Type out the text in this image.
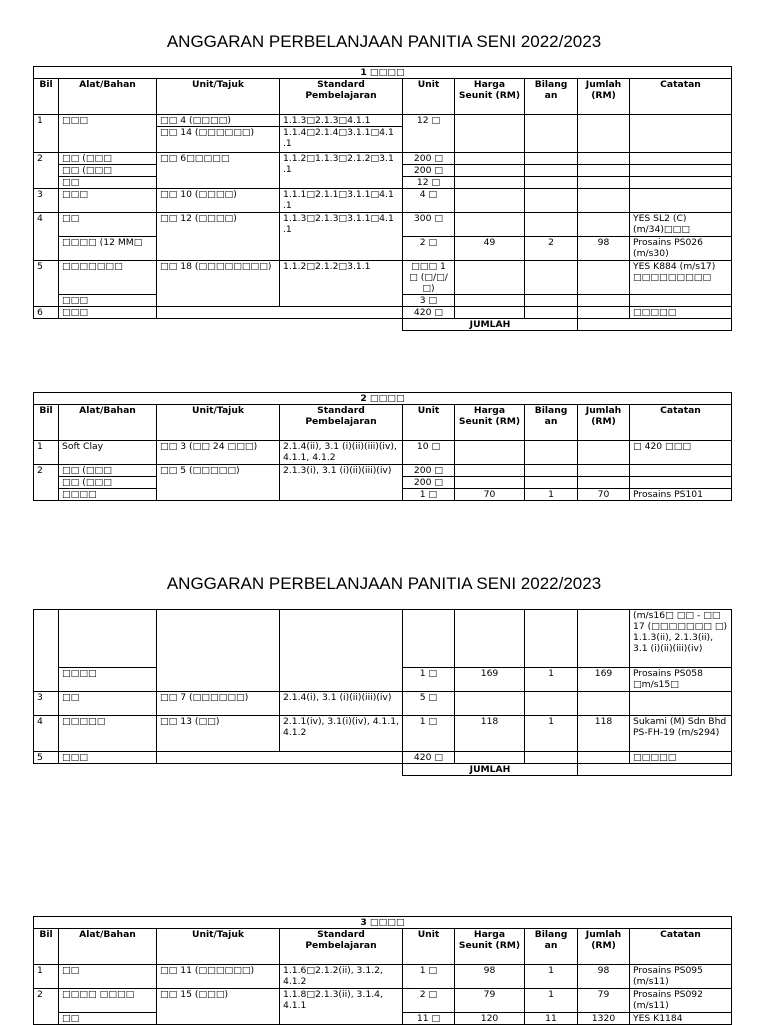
ANGGARAN PERBELANJAAN PANITIA SENI 2022/2023
1 □□□□								
Bil	Alat/Bahan	Unit/Tajuk	Standard Pembelajaran	Unit	Harga Seunit (RM)	Bilang an	Jumlah (RM)	Catatan
1	□□□	□□ 4 (□□□□)	1.1.3□2.1.3□4.1.1	12 □				
		□□ 14 (□□□□□□)	1.1.4□2.1.4□3.1.1□4.1 .1					
2	□□ (□□□	□□ 6□□□□□	1.1.2□1.1.3□2.1.2□3.1 .1	200 □				
	□□ (□□□			200 □				
	□□			12 □				
3	□□□	□□ 10 (□□□□)	1.1.1□2.1.1□3.1.1□4.1 .1	4 □				
4	□□	□□ 12 (□□□□)	1.1.3□2.1.3□3.1.1□4.1 .1	300 □				YES SL2 (C) (m/34)□□□
	□□□□ (12 MM□			2 □	49	2	98	Prosains PS026 (m/s30)
5	□□□□□□□	□□ 18 (□□□□□□□□)	1.1.2□2.1.2□3.1.1	□□□ 1 □ (□/□/□)				YES K884 (m/s17) □□□□□□□□□
	□□□			3 □				
6	□□□			420 □				□□□□□
				JUMLAH				
2 □□□□								
Bil	Alat/Bahan	Unit/Tajuk	Standard Pembelajaran	Unit	Harga Seunit (RM)	Bilang an	Jumlah (RM)	Catatan
1	Soft Clay	□□ 3 (□□ 24 □□□)	2.1.4(ii), 3.1 (i)(ii)(iii)(iv), 4.1.1, 4.1.2	10 □				□ 420 □□□
2	□□ (□□□	□□ 5 (□□□□□)	2.1.3(i), 3.1 (i)(ii)(iii)(iv)	200 □				
	□□ (□□□			200 □				
	□□□□			1 □	70	1	70	Prosains PS101
ANGGARAN PERBELANJAAN PANITIA SENI 2022/2023
								(m/s16□ □□ - □□ 17 (□□□□□□□ □) 1.1.3(ii), 2.1.3(ii), 3.1 (i)(ii)(iii)(iv)
	□□□□			1 □	169	1	169	Prosains PS058 □m/s15□
3	□□	□□ 7 (□□□□□□)	2.1.4(i), 3.1 (i)(ii)(iii)(iv)	5 □				
4	□□□□□	□□ 13 (□□)	2.1.1(iv), 3.1(i)(iv), 4.1.1, 4.1.2	1 □	118	1	118	Sukami (M) Sdn Bhd PS-FH-19 (m/s294)
5	□□□			420 □				□□□□□
				JUMLAH				
3 □□□□								
Bil	Alat/Bahan	Unit/Tajuk	Standard Pembelajaran	Unit	Harga Seunit (RM)	Bilang an	Jumlah (RM)	Catatan
1	□□	□□ 11 (□□□□□□)	1.1.6□2.1.2(ii), 3.1.2, 4.1.2	1 □	98	1	98	Prosains PS095 (m/s11)
2	□□□□ □□□□	□□ 15 (□□□)	1.1.8□2.1.3(ii), 3.1.4, 4.1.1	2 □	79	1	79	Prosains PS092 (m/s11)
	□□			11 □	120	11	1320	YES K1184
